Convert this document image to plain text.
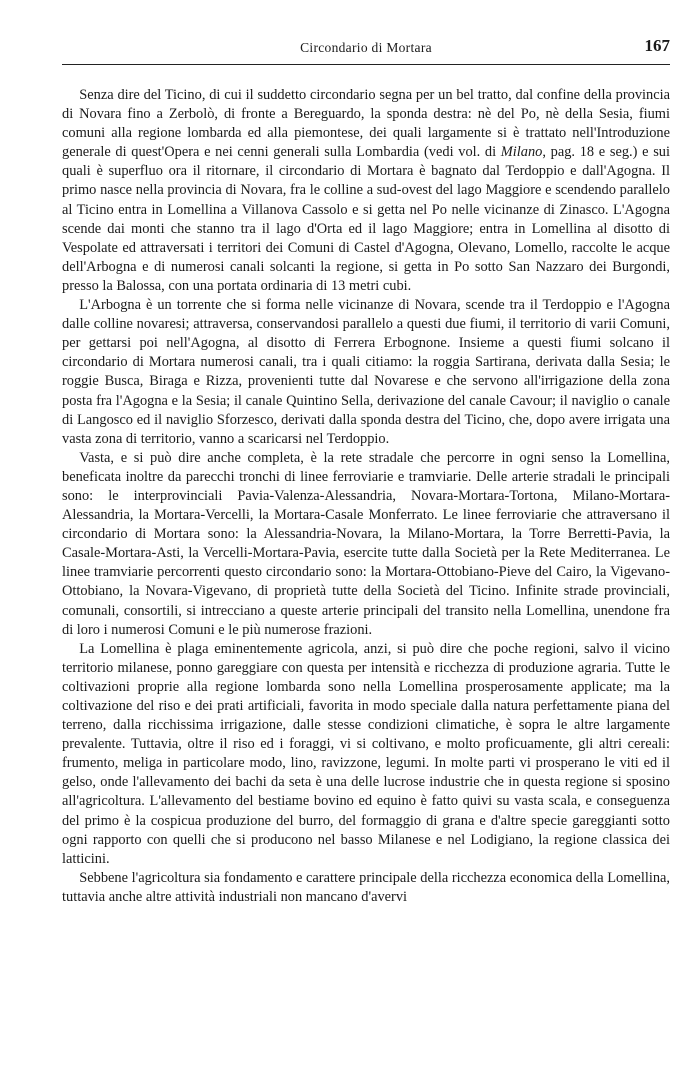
Circondario di Mortara	167

Senza dire del Ticino, di cui il suddetto circondario segna per un bel tratto, dal confine della provincia di Novara fino a Zerbolò, di fronte a Bereguardo, la sponda destra: nè del Po, nè della Sesia, fiumi comuni alla regione lombarda ed alla piemontese, dei quali largamente si è trattato nell'Introduzione generale di quest'Opera e nei cenni generali sulla Lombardia (vedi vol. di Milano, pag. 18 e seg.) e sui quali è superfluo ora il ritornare, il circondario di Mortara è bagnato dal Terdoppio e dall'Agogna. Il primo nasce nella provincia di Novara, fra le colline a sud-ovest del lago Maggiore e scendendo parallelo al Ticino entra in Lomellina a Villanova Cassolo e si getta nel Po nelle vicinanze di Zinasco. L'Agogna scende dai monti che stanno tra il lago d'Orta ed il lago Maggiore; entra in Lomellina al disotto di Vespolate ed attraversati i territori dei Comuni di Castel d'Agogna, Olevano, Lomello, raccolte le acque dell'Arbogna e di numerosi canali solcanti la regione, si getta in Po sotto San Nazzaro dei Burgondi, presso la Balossa, con una portata ordinaria di 13 metri cubi.

L'Arbogna è un torrente che si forma nelle vicinanze di Novara, scende tra il Terdoppio e l'Agogna dalle colline novaresi; attraversa, conservandosi parallelo a questi due fiumi, il territorio di varii Comuni, per gettarsi poi nell'Agogna, al disotto di Ferrera Erbognone. Insieme a questi fiumi solcano il circondario di Mortara numerosi canali, tra i quali citiamo: la roggia Sartirana, derivata dalla Sesia; le roggie Busca, Biraga e Rizza, provenienti tutte dal Novarese e che servono all'irrigazione della zona posta fra l'Agogna e la Sesia; il canale Quintino Sella, derivazione del canale Cavour; il naviglio o canale di Langosco ed il naviglio Sforzesco, derivati dalla sponda destra del Ticino, che, dopo avere irrigata una vasta zona di territorio, vanno a scaricarsi nel Terdoppio.

Vasta, e si può dire anche completa, è la rete stradale che percorre in ogni senso la Lomellina, beneficata inoltre da parecchi tronchi di linee ferroviarie e tramviarie. Delle arterie stradali le principali sono: le interprovinciali Pavia-Valenza-Alessandria, Novara-Mortara-Tortona, Milano-Mortara-Alessandria, la Mortara-Vercelli, la Mortara-Casale Monferrato. Le linee ferroviarie che attraversano il circondario di Mortara sono: la Alessandria-Novara, la Milano-Mortara, la Torre Berretti-Pavia, la Casale-Mortara-Asti, la Vercelli-Mortara-Pavia, esercite tutte dalla Società per la Rete Mediterranea. Le linee tramviarie percorrenti questo circondario sono: la Mortara-Ottobiano-Pieve del Cairo, la Vigevano-Ottobiano, la Novara-Vigevano, di proprietà tutte della Società del Ticino. Infinite strade provinciali, comunali, consortili, si intrecciano a queste arterie principali del transito nella Lomellina, unendone fra di loro i numerosi Comuni e le più numerose frazioni.

La Lomellina è plaga eminentemente agricola, anzi, si può dire che poche regioni, salvo il vicino territorio milanese, ponno gareggiare con questa per intensità e ricchezza di produzione agraria. Tutte le coltivazioni proprie alla regione lombarda sono nella Lomellina prosperosamente applicate; ma la coltivazione del riso e dei prati artificiali, favorita in modo speciale dalla natura perfettamente piana del terreno, dalla ricchissima irrigazione, dalle stesse condizioni climatiche, è sopra le altre largamente prevalente. Tuttavia, oltre il riso ed i foraggi, vi si coltivano, e molto proficuamente, gli altri cereali: frumento, meliga in particolare modo, lino, ravizzone, legumi. In molte parti vi prosperano le viti ed il gelso, onde l'allevamento dei bachi da seta è una delle lucrose industrie che in questa regione si sposino all'agricoltura. L'allevamento del bestiame bovino ed equino è fatto quivi su vasta scala, e conseguenza del primo è la cospicua produzione del burro, del formaggio di grana e d'altre specie gareggianti sotto ogni rapporto con quelli che si producono nel basso Milanese e nel Lodigiano, la regione classica dei latticini.

Sebbene l'agricoltura sia fondamento e carattere principale della ricchezza economica della Lomellina, tuttavia anche altre attività industriali non mancano d'avervi
